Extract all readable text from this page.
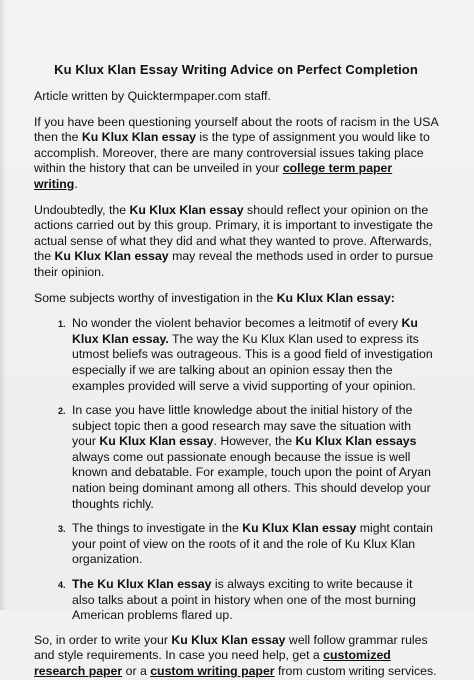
Ku Klux Klan Essay Writing Advice on Perfect Completion

Article written by Quicktermpaper.com staff.

If you have been questioning yourself about the roots of racism in the USA then the Ku Klux Klan essay is the type of assignment you would like to accomplish. Moreover, there are many controversial issues taking place within the history that can be unveiled in your college term paper writing.

Undoubtedly, the Ku Klux Klan essay should reflect your opinion on the actions carried out by this group. Primary, it is important to investigate the actual sense of what they did and what they wanted to prove. Afterwards, the Ku Klux Klan essay may reveal the methods used in order to pursue their opinion.

Some subjects worthy of investigation in the Ku Klux Klan essay:

1. No wonder the violent behavior becomes a leitmotif of every Ku Klux Klan essay. The way the Ku Klux Klan used to express its utmost beliefs was outrageous. This is a good field of investigation especially if we are talking about an opinion essay then the examples provided will serve a vivid supporting of your opinion.
2. In case you have little knowledge about the initial history of the subject topic then a good research may save the situation with your Ku Klux Klan essay. However, the Ku Klux Klan essays always come out passionate enough because the issue is well known and debatable. For example, touch upon the point of Aryan nation being dominant among all others. This should develop your thoughts richly.
3. The things to investigate in the Ku Klux Klan essay might contain your point of view on the roots of it and the role of Ku Klux Klan organization.
4. The Ku Klux Klan essay is always exciting to write because it also talks about a point in history when one of the most burning American problems flared up.

So, in order to write your Ku Klux Klan essay well follow grammar rules and style requirements. In case you need help, get a customized research paper or a custom writing paper from custom writing services.
